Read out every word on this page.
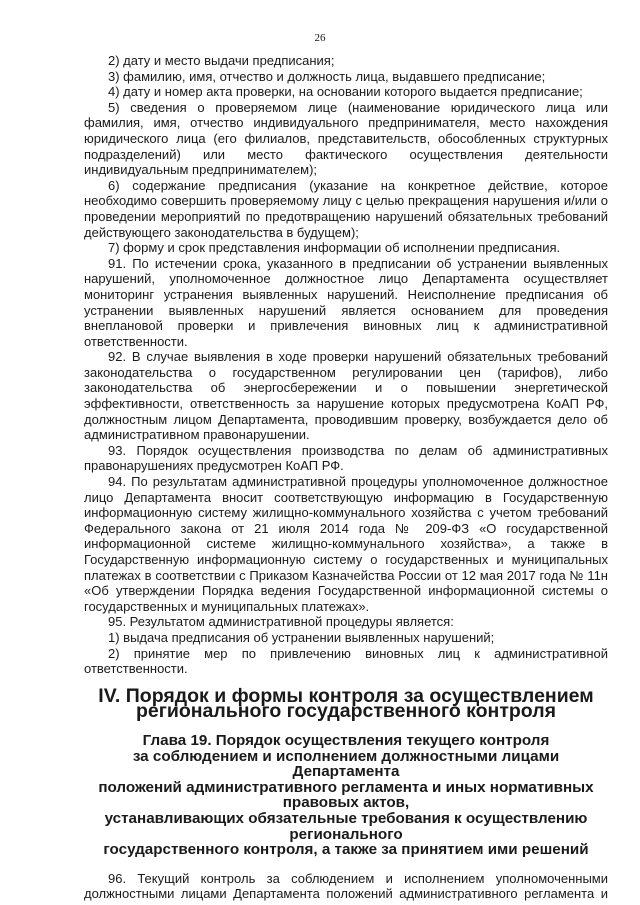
26

2) дату и место выдачи предписания;

3) фамилию, имя, отчество и должность лица, выдавшего предписание;

4) дату и номер акта проверки, на основании которого выдается предписание;

5) сведения о проверяемом лице (наименование юридического лица или фамилия, имя, отчество индивидуального предпринимателя, место нахождения юридического лица (его филиалов, представительств, обособленных структурных подразделений) или место фактического осуществления деятельности индивидуальным предпринимателем);

6) содержание предписания (указание на конкретное действие, которое необходимо совершить проверяемому лицу с целью прекращения нарушения и/или о проведении мероприятий по предотвращению нарушений обязательных требований действующего законодательства в будущем);

7) форму и срок представления информации об исполнении предписания.

91. По истечении срока, указанного в предписании об устранении выявленных нарушений, уполномоченное должностное лицо Департамента осуществляет мониторинг устранения выявленных нарушений. Неисполнение предписания об устранении выявленных нарушений является основанием для проведения внеплановой проверки и привлечения виновных лиц к административной ответственности.

92. В случае выявления в ходе проверки нарушений обязательных требований законодательства о государственном регулировании цен (тарифов), либо законодательства об энергосбережении и о повышении энергетической эффективности, ответственность за нарушение которых предусмотрена КоАП РФ, должностным лицом Департамента, проводившим проверку, возбуждается дело об административном правонарушении.

93. Порядок осуществления производства по делам об административных правонарушениях предусмотрен КоАП РФ.

94. По результатам административной процедуры уполномоченное должностное лицо Департамента вносит соответствующую информацию в Государственную информационную систему жилищно-коммунального хозяйства с учетом требований Федерального закона от 21 июля 2014 года № 209-ФЗ «О государственной информационной системе жилищно-коммунального хозяйства», а также в Государственную информационную систему о государственных и муниципальных платежах в соответствии с Приказом Казначейства России от 12 мая 2017 года № 11н «Об утверждении Порядка ведения Государственной информационной системы о государственных и муниципальных платежах».

95. Результатом административной процедуры является:

1) выдача предписания об устранении выявленных нарушений;

2) принятие мер по привлечению виновных лиц к административной ответственности.

IV. Порядок и формы контроля за осуществлением
регионального государственного контроля
Глава 19. Порядок осуществления текущего контроля
за соблюдением и исполнением должностными лицами Департамента
положений административного регламента и иных нормативных правовых актов,
устанавливающих обязательные требования к осуществлению регионального
государственного контроля, а также за принятием ими решений

96. Текущий контроль за соблюдением и исполнением уполномоченными должностными лицами Департамента положений административного регламента и
